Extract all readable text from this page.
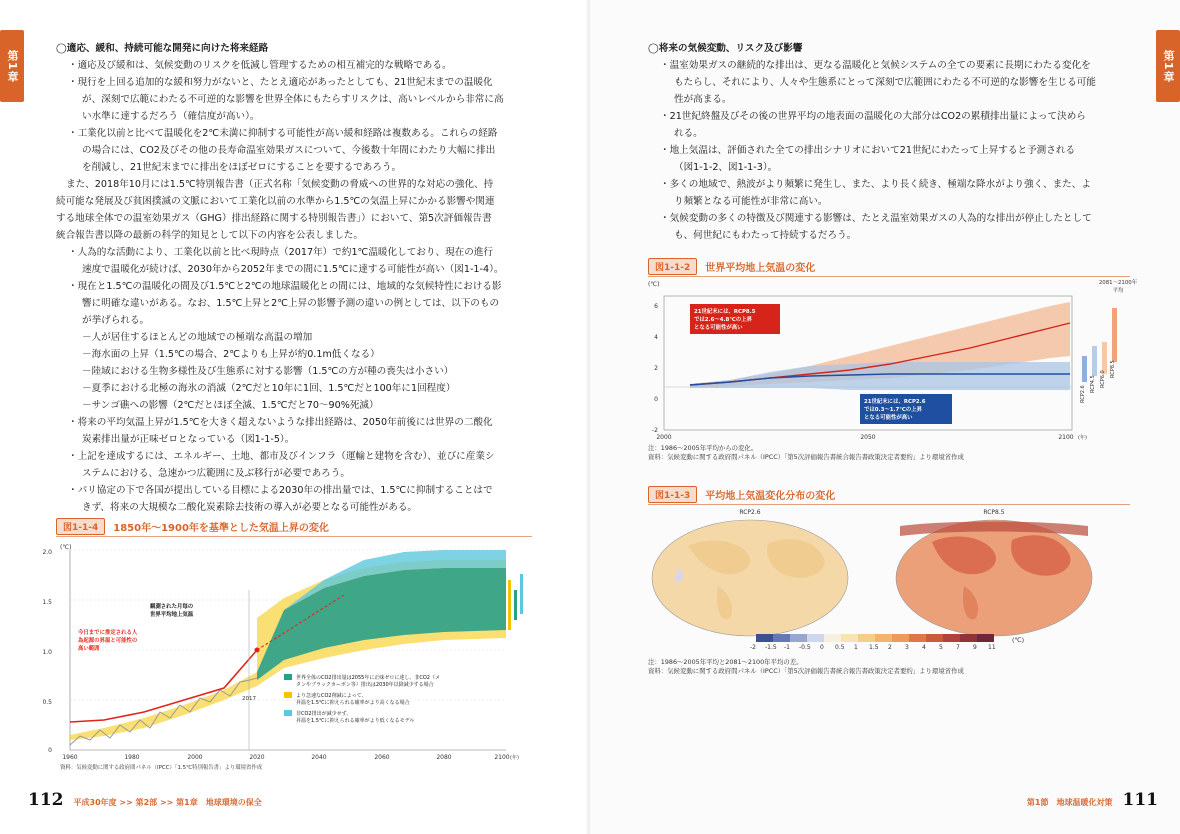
第1章
◯適応、緩和、持続可能な開発に向けた将来経路
・適応及び緩和は、気候変動のリスクを低減し管理するための相互補完的な戦略である。
・現行を上回る追加的な緩和努力がないと、たとえ適応があったとしても、21世紀末までの温暖化
が、深刻で広範にわたる不可逆的な影響を世界全体にもたらすリスクは、高いレベルから非常に高
い水準に達するだろう（確信度が高い）。
・工業化以前と比べて温暖化を2℃未満に抑制する可能性が高い緩和経路は複数ある。これらの経路
の場合には、CO2及びその他の長寿命温室効果ガスについて、今後数十年間にわたり大幅に排出
を削減し、21世紀末までに排出をほぼゼロにすることを要するであろう。
また、2018年10月には1.5℃特別報告書（正式名称「気候変動の脅威への世界的な対応の強化、持
続可能な発展及び貧困撲滅の文脈において工業化以前の水準から1.5℃の気温上昇にかかる影響や関連
する地球全体での温室効果ガス（GHG）排出経路に関する特別報告書」）において、第5次評価報告書
統合報告書以降の最新の科学的知見として以下の内容を公表しました。
・人為的な活動により、工業化以前と比べ現時点（2017年）で約1℃温暖化しており、現在の進行
速度で温暖化が続けば、2030年から2052年までの間に1.5℃に達する可能性が高い（図1-1-4）。
・現在と1.5℃の温暖化の間及び1.5℃と2℃の地球温暖化との間には、地域的な気候特性における影
響に明確な違いがある。なお、1.5℃上昇と2℃上昇の影響予測の違いの例としては、以下のもの
が挙げられる。
－人が居住するほとんどの地域での極端な高温の増加
－海水面の上昇（1.5℃の場合、2℃よりも上昇が約0.1m低くなる）
－陸域における生物多様性及び生態系に対する影響（1.5℃の方が種の喪失は小さい）
－夏季における北極の海氷の消滅（2℃だと10年に1回、1.5℃だと100年に1回程度）
－サンゴ礁への影響（2℃だとほぼ全滅、1.5℃だと70～90%死滅）
・将来の平均気温上昇が1.5℃を大きく超えないような排出経路は、2050年前後には世界の二酸化
炭素排出量が正味ゼロとなっている（図1-1-5）。
・上記を達成するには、エネルギー、土地、都市及びインフラ（運輸と建物を含む）、並びに産業シ
ステムにおける、急速かつ広範囲に及ぶ移行が必要であろう。
・パリ協定の下で各国が提出している目標による2030年の排出量では、1.5℃に抑制することはで
きず、将来の大規模な二酸化炭素除去技術の導入が必要となる可能性がある。
図1-1-4	1850年～1900年を基準とした気温上昇の変化
(℃)
2.0
1.5
1.0
0.5
0
2017
観測された月毎の
世界平均地上気温
今日までに推定される人
為起源の昇温と可能性の
高い範囲
世界全体のCO2排出量は2055年に正味ゼロに達し、非CO2（メ
タンやブラックカーボン等）排出は2030年以降減少する場合
より急速なCO2削減によって、
昇温を1.5℃に抑えられる確率がより高くなる場合
非CO2排出が減少せず、
昇温を1.5℃に抑えられる確率がより低くなるモデル
1960	1980	2000	2020	2040	2060	2080	2100 (年)
資料：気候変動に関する政府間パネル（IPCC）「1.5℃特別報告書」より環境省作成
112 平成30年度 >> 第2部 >> 第1章　地球環境の保全
第1章
◯将来の気候変動、リスク及び影響
・温室効果ガスの継続的な排出は、更なる温暖化と気候システムの全ての要素に長期にわたる変化を
もたらし、それにより、人々や生態系にとって深刻で広範囲にわたる不可逆的な影響を生じる可能
性が高まる。
・21世紀終盤及びその後の世界平均の地表面の温暖化の大部分はCO2の累積排出量によって決めら
れる。
・地上気温は、評価された全ての排出シナリオにおいて21世紀にわたって上昇すると予測される
（図1-1-2、図1-1-3）。
・多くの地域で、熱波がより頻繁に発生し、また、より長く続き、極端な降水がより強く、また、よ
り頻繁となる可能性が非常に高い。
・気候変動の多くの特徴及び関連する影響は、たとえ温室効果ガスの人為的な排出が停止したとして
も、何世紀にもわたって持続するだろう。
図1-1-2	世界平均地上気温の変化
(℃)
6
4
2
0
-2
21世紀末には、RCP8.5
では2.6～4.8℃の上昇
となる可能性が高い
21世紀末には、RCP2.6
では0.3～1.7℃の上昇
となる可能性が高い
2081～2100年
平均
RCP2.6
RCP4.5 RCP6.0
RCP8.5
2000	2050	2100 (年)
注：1986～2005年平均からの変化。
資料：気候変動に関する政府間パネル（IPCC）「第5次評価報告書統合報告書政策決定者要約」より環境省作成
図1-1-3	平均地上気温変化分布の変化
RCP2.6	RCP8.5
-2 -1.5 -1 -0.5 0 0.5 1 1.5 2 3 4 5 7 9 11
(℃)
注：1986～2005年平均と2081～2100年平均の差。
資料：気候変動に関する政府間パネル（IPCC）「第5次評価報告書統合報告書政策決定者要約」より環境省作成
第1節　地球温暖化対策 111
